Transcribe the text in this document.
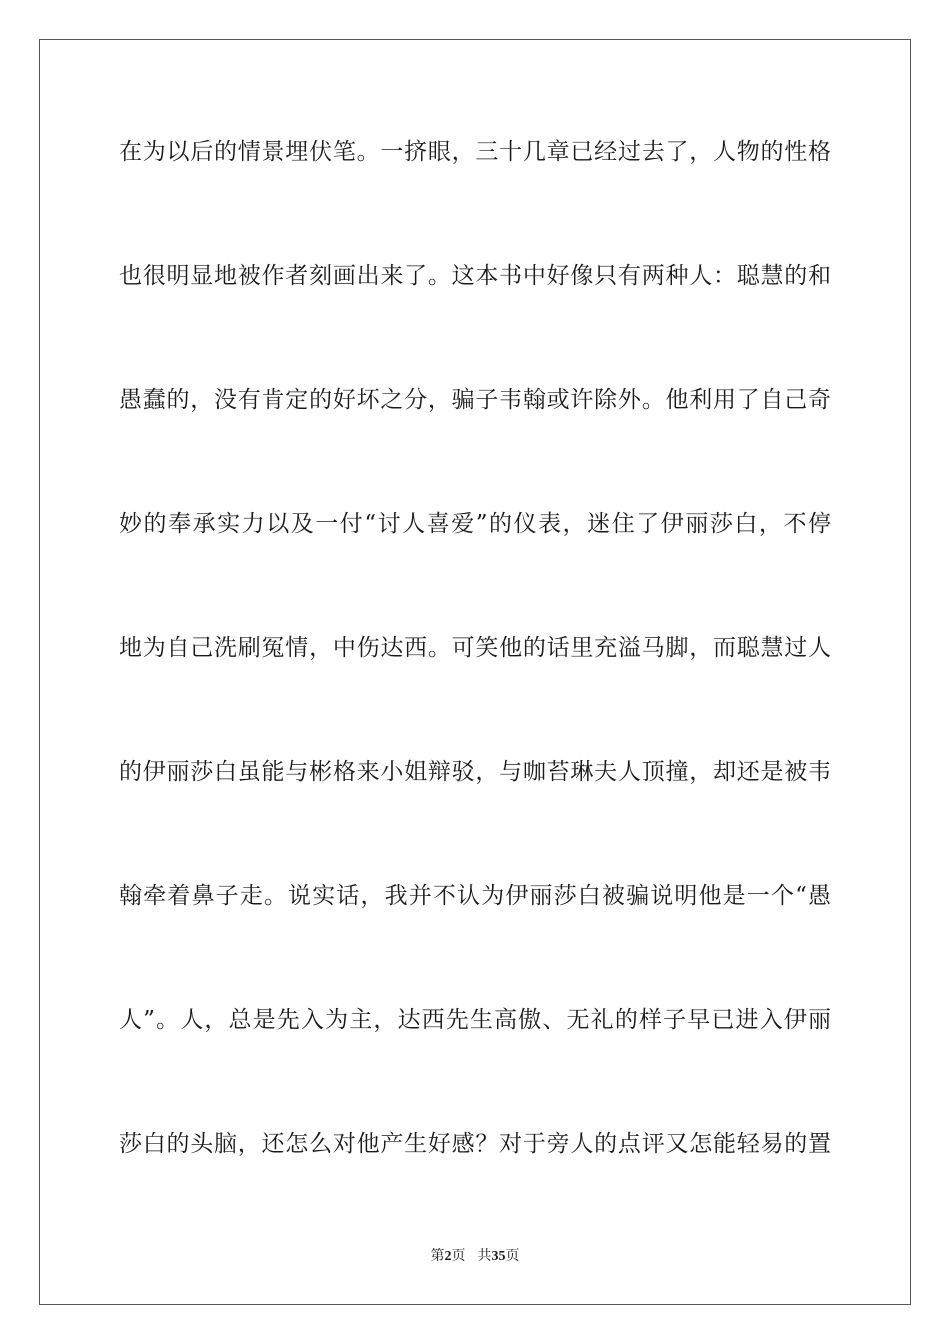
在为以后的情景埋伏笔。一挤眼，三十几章已经过去了，人物的性格
也很明显地被作者刻画出来了。这本书中好像只有两种人：聪慧的和
愚蠢的，没有肯定的好坏之分，骗子韦翰或许除外。他利用了自己奇
妙的奉承实力以及一付“讨人喜爱”的仪表，迷住了伊丽莎白，不停
地为自己洗刷冤情，中伤达西。可笑他的话里充溢马脚，而聪慧过人
的伊丽莎白虽能与彬格来小姐辩驳，与咖苔琳夫人顶撞，却还是被韦
翰牵着鼻子走。说实话，我并不认为伊丽莎白被骗说明他是一个“愚
人”。人，总是先入为主，达西先生高傲、无礼的样子早已进入伊丽
莎白的头脑，还怎么对他产生好感？对于旁人的点评又怎能轻易的置
第2页 共35页
